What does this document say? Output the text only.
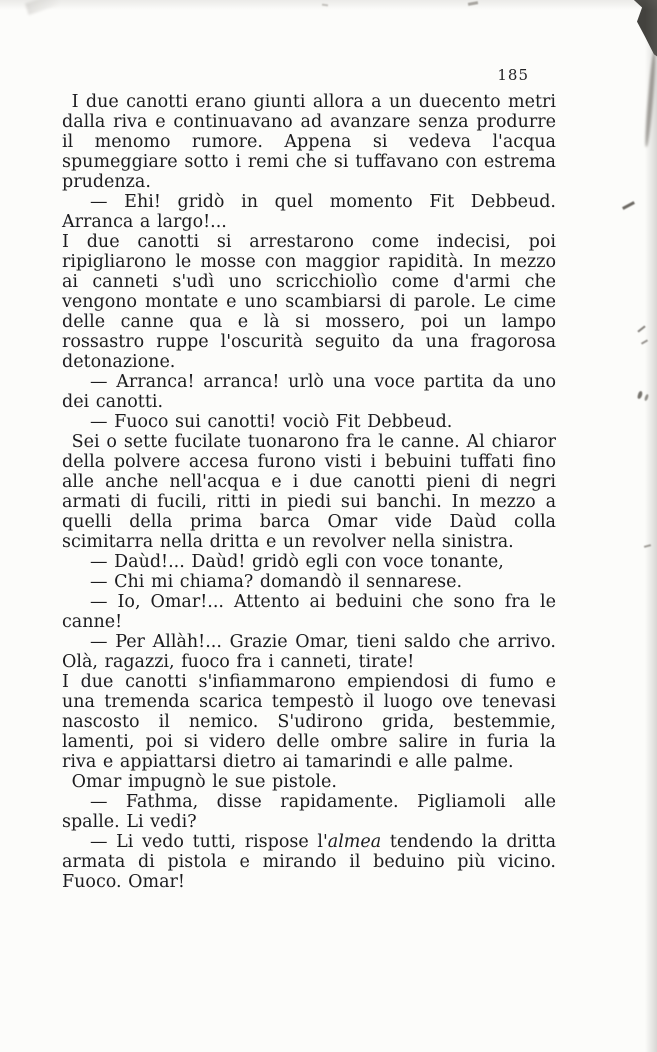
185

I due canotti erano giunti allora a un duecento metri dalla riva e continuavano ad avanzare senza produrre il menomo rumore. Appena si vedeva l'acqua spumeggiare sotto i remi che si tuffavano con estrema prudenza.

— Ehi! gridò in quel momento Fit Debbeud. Arranca a largo!...

I due canotti si arrestarono come indecisi, poi ripigliarono le mosse con maggior rapidità. In mezzo ai canneti s'udì uno scricchiolìo come d'armi che vengono montate e uno scambiarsi di parole. Le cime delle canne qua e là si mossero, poi un lampo rossastro ruppe l'oscurità seguito da una fragorosa detonazione.

— Arranca! arranca! urlò una voce partita da uno dei canotti.

— Fuoco sui canotti! vociò Fit Debbeud.

Sei o sette fucilate tuonarono fra le canne. Al chiaror della polvere accesa furono visti i bebuini tuffati fino alle anche nell'acqua e i due canotti pieni di negri armati di fucili, ritti in piedi sui banchi. In mezzo a quelli della prima barca Omar vide Daùd colla scimitarra nella dritta e un revolver nella sinistra.

— Daùd!... Daùd! gridò egli con voce tonante,

— Chi mi chiama? domandò il sennarese.

— Io, Omar!... Attento ai beduini che sono fra le canne!

— Per Allàh!... Grazie Omar, tieni saldo che arrivo. Olà, ragazzi, fuoco fra i canneti, tirate!

I due canotti s'infiammarono empiendosi di fumo e una tremenda scarica tempestò il luogo ove tenevasi nascosto il nemico. S'udirono grida, bestemmie, lamenti, poi si videro delle ombre salire in furia la riva e appiattarsi dietro ai tamarindi e alle palme.

Omar impugnò le sue pistole.

— Fathma, disse rapidamente. Pigliamoli alle spalle. Li vedi?

— Li vedo tutti, rispose l'almea tendendo la dritta armata di pistola e mirando il beduino più vicino. Fuoco. Omar!
